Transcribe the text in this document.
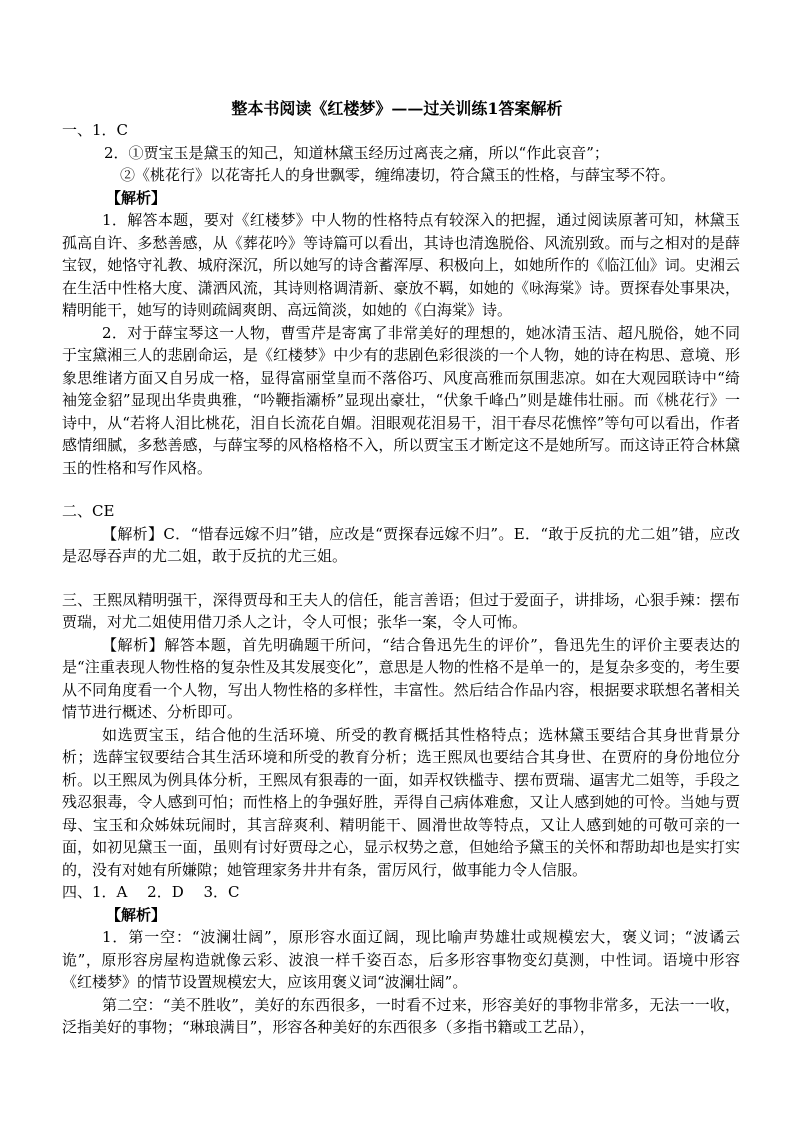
整本书阅读《红楼梦》——过关训练1答案解析

一、1．C

2．①贾宝玉是黛玉的知己，知道林黛玉经历过离丧之痛，所以“作此哀音”；

②《桃花行》以花寄托人的身世飘零，缠绵凄切，符合黛玉的性格，与薛宝琴不符。

【解析】

1．解答本题，要对《红楼梦》中人物的性格特点有较深入的把握，通过阅读原著可知，林黛玉孤高自许、多愁善感，从《葬花吟》等诗篇可以看出，其诗也清逸脱俗、风流别致。而与之相对的是薛宝钗，她恪守礼教、城府深沉，所以她写的诗含蓄浑厚、积极向上，如她所作的《临江仙》词。史湘云在生活中性格大度、潇洒风流，其诗则格调清新、豪放不羁，如她的《咏海棠》诗。贾探春处事果决，精明能干，她写的诗则疏阔爽朗、高远简淡，如她的《白海棠》诗。

2．对于薛宝琴这一人物，曹雪芹是寄寓了非常美好的理想的，她冰清玉洁、超凡脱俗，她不同于宝黛湘三人的悲剧命运，是《红楼梦》中少有的悲剧色彩很淡的一个人物，她的诗在构思、意境、形象思维诸方面又自另成一格，显得富丽堂皇而不落俗巧、风度高雅而氛围悲凉。如在大观园联诗中“绮袖笼金貂”显现出华贵典雅，“吟鞭指灞桥”显现出豪壮，“伏象千峰凸”则是雄伟壮丽。而《桃花行》一诗中，从“若将人泪比桃花，泪自长流花自媚。泪眼观花泪易干，泪干春尽花憔悴”等句可以看出，作者感情细腻，多愁善感，与薛宝琴的风格格格不入，所以贾宝玉才断定这不是她所写。而这诗正符合林黛玉的性格和写作风格。

二、CE

【解析】C．“惜春远嫁不归”错，应改是“贾探春远嫁不归”。E．“敢于反抗的尤二姐”错，应改是忍辱吞声的尤二姐，敢于反抗的尤三姐。

三、王熙凤精明强干，深得贾母和王夫人的信任，能言善语；但过于爱面子，讲排场，心狠手辣：摆布贾瑞，对尤二姐使用借刀杀人之计，令人可恨；张华一案，令人可怖。

【解析】解答本题，首先明确题干所问，“结合鲁迅先生的评价”，鲁迅先生的评价主要表达的是“注重表现人物性格的复杂性及其发展变化”，意思是人物的性格不是单一的，是复杂多变的，考生要从不同角度看一个人物，写出人物性格的多样性，丰富性。然后结合作品内容，根据要求联想名著相关情节进行概述、分析即可。

如选贾宝玉，结合他的生活环境、所受的教育概括其性格特点；选林黛玉要结合其身世背景分析；选薛宝钗要结合其生活环境和所受的教育分析；选王熙凤也要结合其身世、在贾府的身份地位分析。以王熙凤为例具体分析，王熙凤有狠毒的一面，如弄权铁槛寺、摆布贾瑞、逼害尤二姐等，手段之残忍狠毒，令人感到可怕；而性格上的争强好胜，弄得自己病体难愈，又让人感到她的可怜。当她与贾母、宝玉和众姊妹玩闹时，其言辞爽利、精明能干、圆滑世故等特点，又让人感到她的可敬可亲的一面，如初见黛玉一面，虽则有讨好贾母之心，显示权势之意，但她给予黛玉的关怀和帮助却也是实打实的，没有对她有所嫌隙；她管理家务井井有条，雷厉风行，做事能力令人信服。

四、1．A　 2．D　 3．C

【解析】

1．第一空：“波澜壮阔”，原形容水面辽阔，现比喻声势雄壮或规模宏大，褒义词；“波谲云诡”，原形容房屋构造就像云彩、波浪一样千姿百态，后多形容事物变幻莫测，中性词。语境中形容《红楼梦》的情节设置规模宏大，应该用褒义词“波澜壮阔”。

第二空：“美不胜收”，美好的东西很多，一时看不过来，形容美好的事物非常多，无法一一收，泛指美好的事物；“琳琅满目”，形容各种美好的东西很多（多指书籍或工艺品），
